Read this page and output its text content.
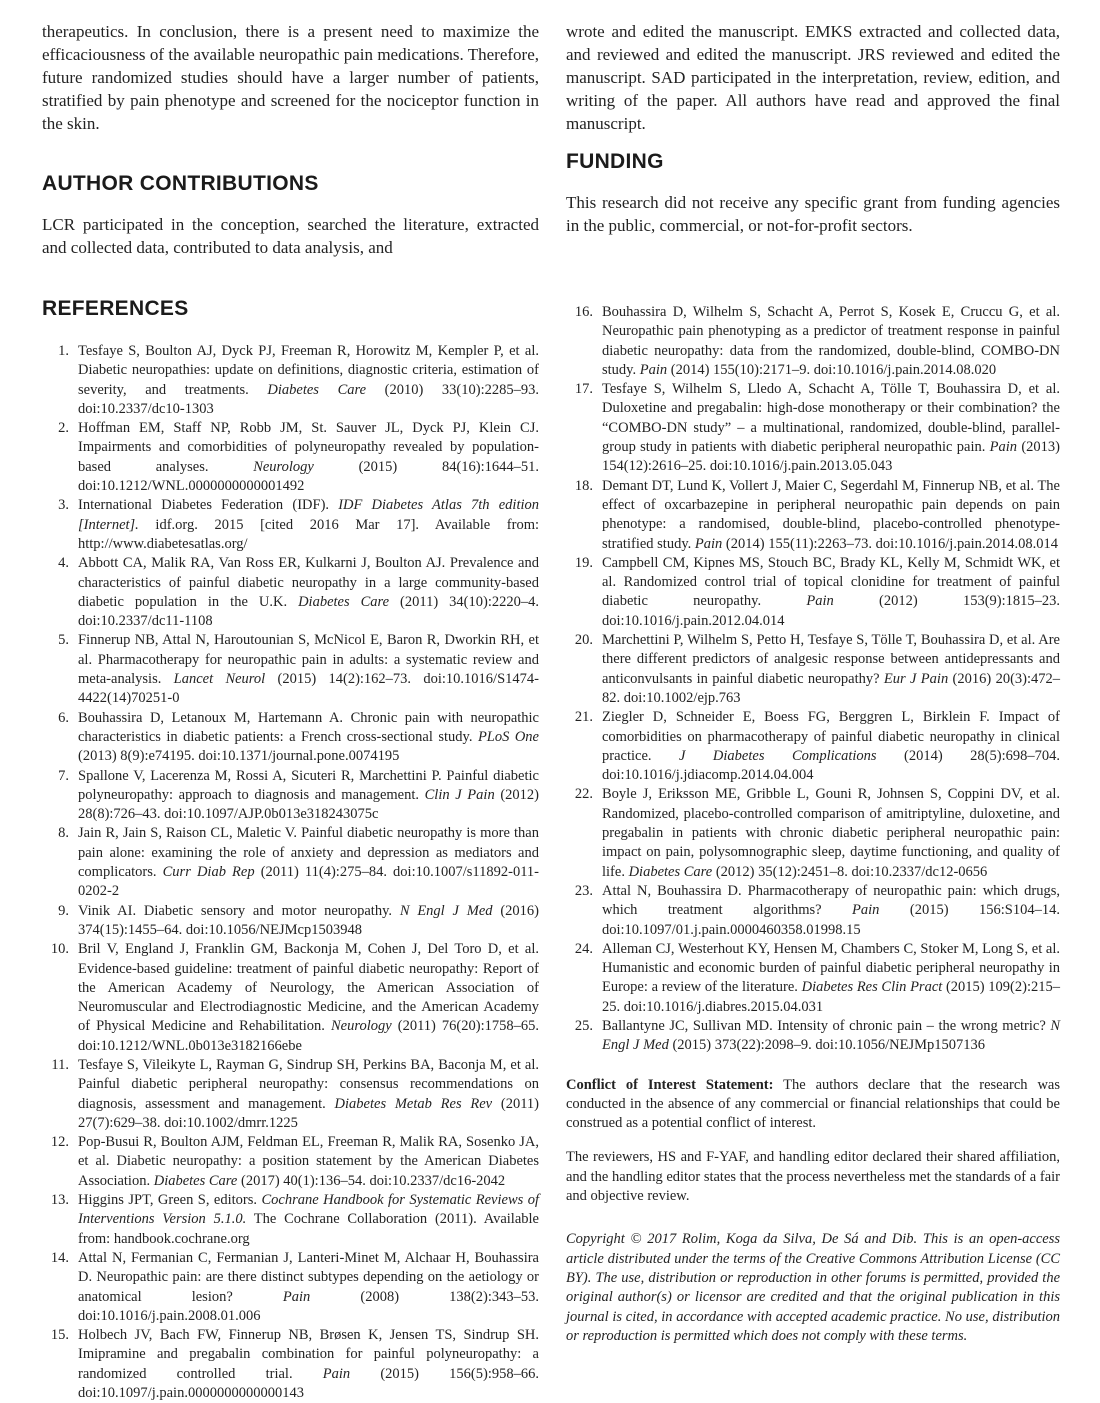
therapeutics. In conclusion, there is a present need to maximize the efficaciousness of the available neuropathic pain medications. Therefore, future randomized studies should have a larger number of patients, stratified by pain phenotype and screened for the nociceptor function in the skin.

AUTHOR CONTRIBUTIONS

LCR participated in the conception, searched the literature, extracted and collected data, contributed to data analysis, and

wrote and edited the manuscript. EMKS extracted and collected data, and reviewed and edited the manuscript. JRS reviewed and edited the manuscript. SAD participated in the interpretation, review, edition, and writing of the paper. All authors have read and approved the final manuscript.

FUNDING

This research did not receive any specific grant from funding agencies in the public, commercial, or not-for-profit sectors.

REFERENCES
1. Tesfaye S, Boulton AJ, Dyck PJ, Freeman R, Horowitz M, Kempler P, et al. Diabetic neuropathies: update on definitions, diagnostic criteria, estimation of severity, and treatments. Diabetes Care (2010) 33(10):2285–93. doi:10.2337/dc10-1303
2. Hoffman EM, Staff NP, Robb JM, St. Sauver JL, Dyck PJ, Klein CJ. Impairments and comorbidities of polyneuropathy revealed by population-based analyses. Neurology (2015) 84(16):1644–51. doi:10.1212/WNL.0000000000001492
3. International Diabetes Federation (IDF). IDF Diabetes Atlas 7th edition [Internet]. idf.org. 2015 [cited 2016 Mar 17]. Available from: http://www.diabetesatlas.org/
4. Abbott CA, Malik RA, Van Ross ER, Kulkarni J, Boulton AJ. Prevalence and characteristics of painful diabetic neuropathy in a large community-based diabetic population in the U.K. Diabetes Care (2011) 34(10):2220–4. doi:10.2337/dc11-1108
5. Finnerup NB, Attal N, Haroutounian S, McNicol E, Baron R, Dworkin RH, et al. Pharmacotherapy for neuropathic pain in adults: a systematic review and meta-analysis. Lancet Neurol (2015) 14(2):162–73. doi:10.1016/S1474-4422(14)70251-0
6. Bouhassira D, Letanoux M, Hartemann A. Chronic pain with neuropathic characteristics in diabetic patients: a French cross-sectional study. PLoS One (2013) 8(9):e74195. doi:10.1371/journal.pone.0074195
7. Spallone V, Lacerenza M, Rossi A, Sicuteri R, Marchettini P. Painful diabetic polyneuropathy: approach to diagnosis and management. Clin J Pain (2012) 28(8):726–43. doi:10.1097/AJP.0b013e318243075c
8. Jain R, Jain S, Raison CL, Maletic V. Painful diabetic neuropathy is more than pain alone: examining the role of anxiety and depression as mediators and complicators. Curr Diab Rep (2011) 11(4):275–84. doi:10.1007/s11892-011-0202-2
9. Vinik AI. Diabetic sensory and motor neuropathy. N Engl J Med (2016) 374(15):1455–64. doi:10.1056/NEJMcp1503948
10. Bril V, England J, Franklin GM, Backonja M, Cohen J, Del Toro D, et al. Evidence-based guideline: treatment of painful diabetic neuropathy: Report of the American Academy of Neurology, the American Association of Neuromuscular and Electrodiagnostic Medicine, and the American Academy of Physical Medicine and Rehabilitation. Neurology (2011) 76(20):1758–65. doi:10.1212/WNL.0b013e3182166ebe
11. Tesfaye S, Vileikyte L, Rayman G, Sindrup SH, Perkins BA, Baconja M, et al. Painful diabetic peripheral neuropathy: consensus recommendations on diagnosis, assessment and management. Diabetes Metab Res Rev (2011) 27(7):629–38. doi:10.1002/dmrr.1225
12. Pop-Busui R, Boulton AJM, Feldman EL, Freeman R, Malik RA, Sosenko JA, et al. Diabetic neuropathy: a position statement by the American Diabetes Association. Diabetes Care (2017) 40(1):136–54. doi:10.2337/dc16-2042
13. Higgins JPT, Green S, editors. Cochrane Handbook for Systematic Reviews of Interventions Version 5.1.0. The Cochrane Collaboration (2011). Available from: handbook.cochrane.org
14. Attal N, Fermanian C, Fermanian J, Lanteri-Minet M, Alchaar H, Bouhassira D. Neuropathic pain: are there distinct subtypes depending on the aetiology or anatomical lesion? Pain (2008) 138(2):343–53. doi:10.1016/j.pain.2008.01.006
15. Holbech JV, Bach FW, Finnerup NB, Brøsen K, Jensen TS, Sindrup SH. Imipramine and pregabalin combination for painful polyneuropathy: a randomized controlled trial. Pain (2015) 156(5):958–66. doi:10.1097/j.pain.0000000000000143
16. Bouhassira D, Wilhelm S, Schacht A, Perrot S, Kosek E, Cruccu G, et al. Neuropathic pain phenotyping as a predictor of treatment response in painful diabetic neuropathy: data from the randomized, double-blind, COMBO-DN study. Pain (2014) 155(10):2171–9. doi:10.1016/j.pain.2014.08.020
17. Tesfaye S, Wilhelm S, Lledo A, Schacht A, Tölle T, Bouhassira D, et al. Duloxetine and pregabalin: high-dose monotherapy or their combination? the “COMBO-DN study” – a multinational, randomized, double-blind, parallel-group study in patients with diabetic peripheral neuropathic pain. Pain (2013) 154(12):2616–25. doi:10.1016/j.pain.2013.05.043
18. Demant DT, Lund K, Vollert J, Maier C, Segerdahl M, Finnerup NB, et al. The effect of oxcarbazepine in peripheral neuropathic pain depends on pain phenotype: a randomised, double-blind, placebo-controlled phenotype-stratified study. Pain (2014) 155(11):2263–73. doi:10.1016/j.pain.2014.08.014
19. Campbell CM, Kipnes MS, Stouch BC, Brady KL, Kelly M, Schmidt WK, et al. Randomized control trial of topical clonidine for treatment of painful diabetic neuropathy. Pain (2012) 153(9):1815–23. doi:10.1016/j.pain.2012.04.014
20. Marchettini P, Wilhelm S, Petto H, Tesfaye S, Tölle T, Bouhassira D, et al. Are there different predictors of analgesic response between antidepressants and anticonvulsants in painful diabetic neuropathy? Eur J Pain (2016) 20(3):472–82. doi:10.1002/ejp.763
21. Ziegler D, Schneider E, Boess FG, Berggren L, Birklein F. Impact of comorbidities on pharmacotherapy of painful diabetic neuropathy in clinical practice. J Diabetes Complications (2014) 28(5):698–704. doi:10.1016/j.jdiacomp.2014.04.004
22. Boyle J, Eriksson ME, Gribble L, Gouni R, Johnsen S, Coppini DV, et al. Randomized, placebo-controlled comparison of amitriptyline, duloxetine, and pregabalin in patients with chronic diabetic peripheral neuropathic pain: impact on pain, polysomnographic sleep, daytime functioning, and quality of life. Diabetes Care (2012) 35(12):2451–8. doi:10.2337/dc12-0656
23. Attal N, Bouhassira D. Pharmacotherapy of neuropathic pain: which drugs, which treatment algorithms? Pain (2015) 156:S104–14. doi:10.1097/01.j.pain.0000460358.01998.15
24. Alleman CJ, Westerhout KY, Hensen M, Chambers C, Stoker M, Long S, et al. Humanistic and economic burden of painful diabetic peripheral neuropathy in Europe: a review of the literature. Diabetes Res Clin Pract (2015) 109(2):215–25. doi:10.1016/j.diabres.2015.04.031
25. Ballantyne JC, Sullivan MD. Intensity of chronic pain – the wrong metric? N Engl J Med (2015) 373(22):2098–9. doi:10.1056/NEJMp1507136

Conflict of Interest Statement: The authors declare that the research was conducted in the absence of any commercial or financial relationships that could be construed as a potential conflict of interest.

The reviewers, HS and F-YAF, and handling editor declared their shared affiliation, and the handling editor states that the process nevertheless met the standards of a fair and objective review.

Copyright © 2017 Rolim, Koga da Silva, De Sá and Dib. This is an open-access article distributed under the terms of the Creative Commons Attribution License (CC BY). The use, distribution or reproduction in other forums is permitted, provided the original author(s) or licensor are credited and that the original publication in this journal is cited, in accordance with accepted academic practice. No use, distribution or reproduction is permitted which does not comply with these terms.
